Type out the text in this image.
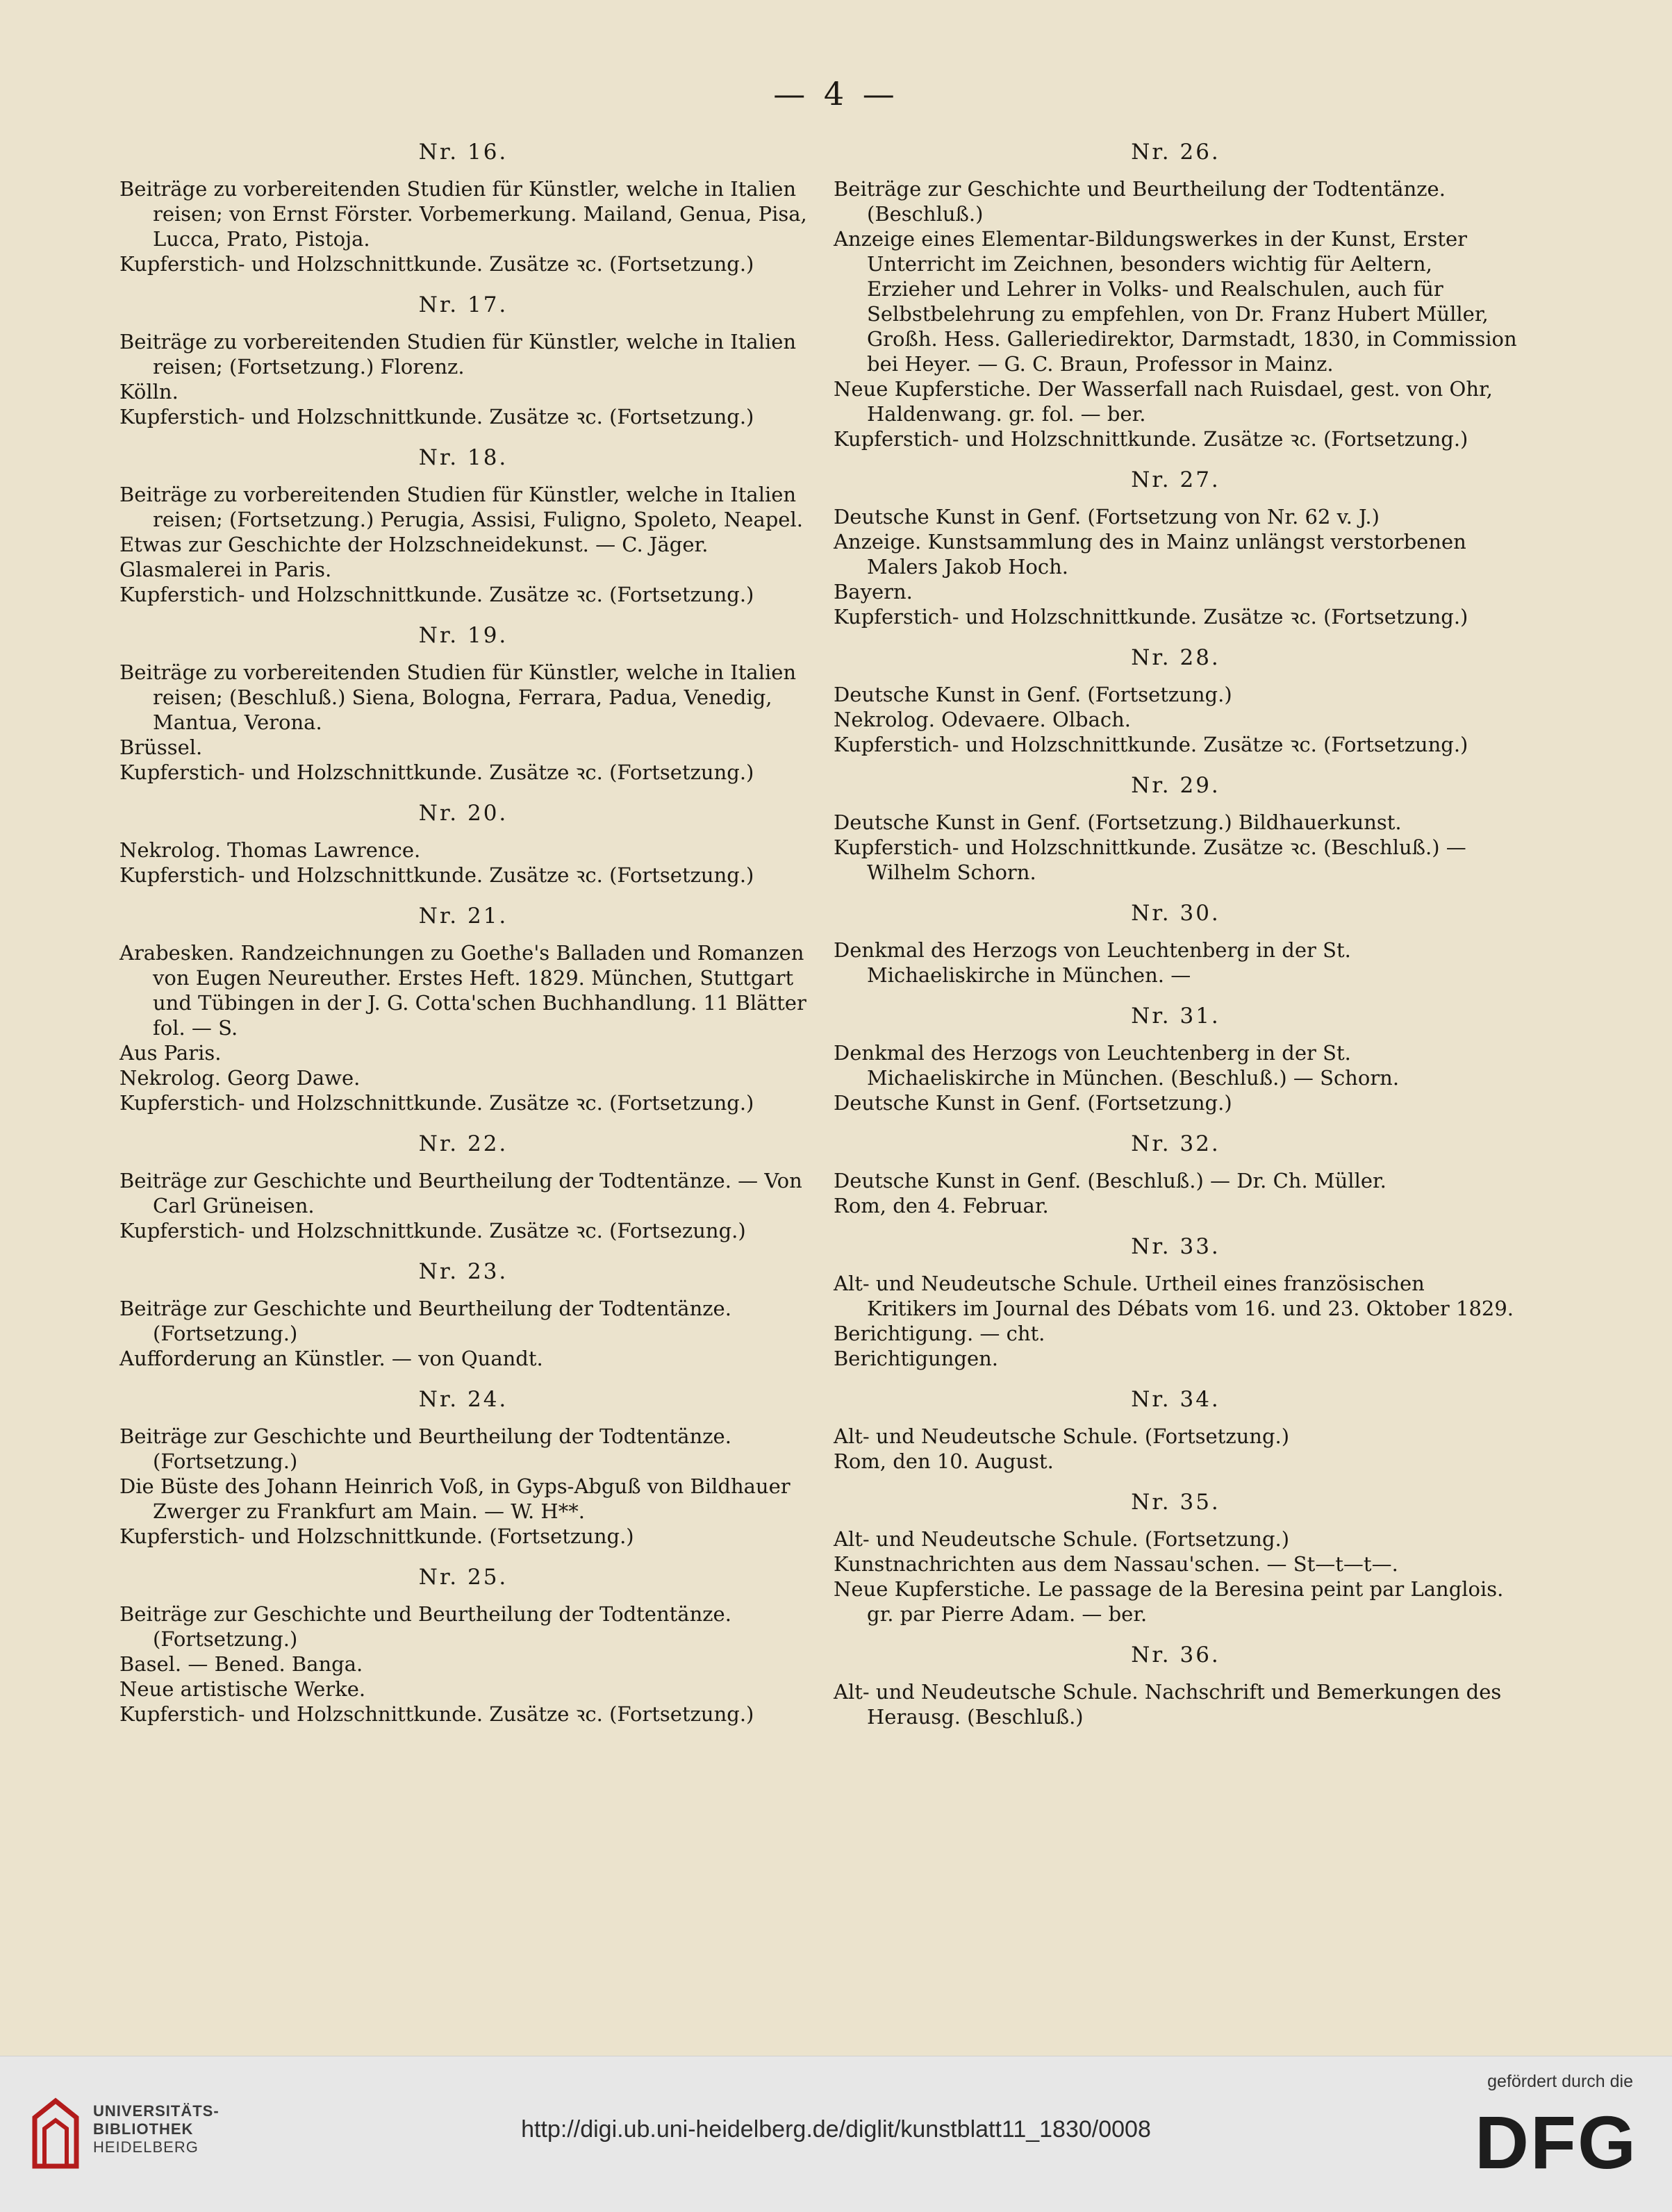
— 4 —
Nr. 16.

Beiträge zu vorbereitenden Studien für Künstler, welche in Italien reisen; von Ernst Förster. Vorbemerkung. Mailand, Genua, Pisa, Lucca, Prato, Pistoja.

Kupferstich- und Holzschnittkunde. Zusätze ꝛc. (Fortsetzung.)

Nr. 17.

Beiträge zu vorbereitenden Studien für Künstler, welche in Italien reisen; (Fortsetzung.) Florenz.

Kölln.

Kupferstich- und Holzschnittkunde. Zusätze ꝛc. (Fortsetzung.)

Nr. 18.

Beiträge zu vorbereitenden Studien für Künstler, welche in Italien reisen; (Fortsetzung.) Perugia, Assisi, Fuligno, Spoleto, Neapel.

Etwas zur Geschichte der Holzschneidekunst. — C. Jäger.

Glasmalerei in Paris.

Kupferstich- und Holzschnittkunde. Zusätze ꝛc. (Fortsetzung.)

Nr. 19.

Beiträge zu vorbereitenden Studien für Künstler, welche in Italien reisen; (Beschluß.) Siena, Bologna, Ferrara, Padua, Venedig, Mantua, Verona.

Brüssel.

Kupferstich- und Holzschnittkunde. Zusätze ꝛc. (Fortsetzung.)

Nr. 20.

Nekrolog. Thomas Lawrence.

Kupferstich- und Holzschnittkunde. Zusätze ꝛc. (Fortsetzung.)

Nr. 21.

Arabesken. Randzeichnungen zu Goethe's Balladen und Romanzen von Eugen Neureuther. Erstes Heft. 1829. München, Stuttgart und Tübingen in der J. G. Cotta'schen Buchhandlung. 11 Blätter fol. — S.

Aus Paris.

Nekrolog. Georg Dawe.

Kupferstich- und Holzschnittkunde. Zusätze ꝛc. (Fortsetzung.)

Nr. 22.

Beiträge zur Geschichte und Beurtheilung der Todtentänze. — Von Carl Grüneisen.

Kupferstich- und Holzschnittkunde. Zusätze ꝛc. (Fortsezung.)

Nr. 23.

Beiträge zur Geschichte und Beurtheilung der Todtentänze. (Fortsetzung.)

Aufforderung an Künstler. — von Quandt.

Nr. 24.

Beiträge zur Geschichte und Beurtheilung der Todtentänze. (Fortsetzung.)

Die Büste des Johann Heinrich Voß, in Gyps-Abguß von Bildhauer Zwerger zu Frankfurt am Main. — W. H**.

Kupferstich- und Holzschnittkunde. (Fortsetzung.)

Nr. 25.

Beiträge zur Geschichte und Beurtheilung der Todtentänze. (Fortsetzung.)

Basel. — Bened. Banga.

Neue artistische Werke.

Kupferstich- und Holzschnittkunde. Zusätze ꝛc. (Fortsetzung.)

Nr. 26.

Beiträge zur Geschichte und Beurtheilung der Todtentänze. (Beschluß.)

Anzeige eines Elementar-Bildungswerkes in der Kunst, Erster Unterricht im Zeichnen, besonders wichtig für Aeltern, Erzieher und Lehrer in Volks- und Realschulen, auch für Selbstbelehrung zu empfehlen, von Dr. Franz Hubert Müller, Großh. Hess. Galleriedirektor, Darmstadt, 1830, in Commission bei Heyer. — G. C. Braun, Professor in Mainz.

Neue Kupferstiche. Der Wasserfall nach Ruisdael, gest. von Ohr, Haldenwang. gr. fol. — ber.

Kupferstich- und Holzschnittkunde. Zusätze ꝛc. (Fortsetzung.)

Nr. 27.

Deutsche Kunst in Genf. (Fortsetzung von Nr. 62 v. J.)

Anzeige. Kunstsammlung des in Mainz unlängst verstorbenen Malers Jakob Hoch.

Bayern.

Kupferstich- und Holzschnittkunde. Zusätze ꝛc. (Fortsetzung.)

Nr. 28.

Deutsche Kunst in Genf. (Fortsetzung.)

Nekrolog. Odevaere. Olbach.

Kupferstich- und Holzschnittkunde. Zusätze ꝛc. (Fortsetzung.)

Nr. 29.

Deutsche Kunst in Genf. (Fortsetzung.) Bildhauerkunst.

Kupferstich- und Holzschnittkunde. Zusätze ꝛc. (Beschluß.) — Wilhelm Schorn.

Nr. 30.

Denkmal des Herzogs von Leuchtenberg in der St. Michaeliskirche in München. —

Nr. 31.

Denkmal des Herzogs von Leuchtenberg in der St. Michaeliskirche in München. (Beschluß.) — Schorn.

Deutsche Kunst in Genf. (Fortsetzung.)

Nr. 32.

Deutsche Kunst in Genf. (Beschluß.) — Dr. Ch. Müller.

Rom, den 4. Februar.

Nr. 33.

Alt- und Neudeutsche Schule. Urtheil eines französischen Kritikers im Journal des Débats vom 16. und 23. Oktober 1829.

Berichtigung. — cht.

Berichtigungen.

Nr. 34.

Alt- und Neudeutsche Schule. (Fortsetzung.)

Rom, den 10. August.

Nr. 35.

Alt- und Neudeutsche Schule. (Fortsetzung.)

Kunstnachrichten aus dem Nassau'schen. — St—t—t—.

Neue Kupferstiche. Le passage de la Beresina peint par Langlois. gr. par Pierre Adam. — ber.

Nr. 36.

Alt- und Neudeutsche Schule. Nachschrift und Bemerkungen des Herausg. (Beschluß.)

UNIVERSITÄTS-
BIBLIOTHEK
HEIDELBERG
http://digi.ub.uni-heidelberg.de/diglit/kunstblatt11_1830/0008
gefördert durch die
DFG
